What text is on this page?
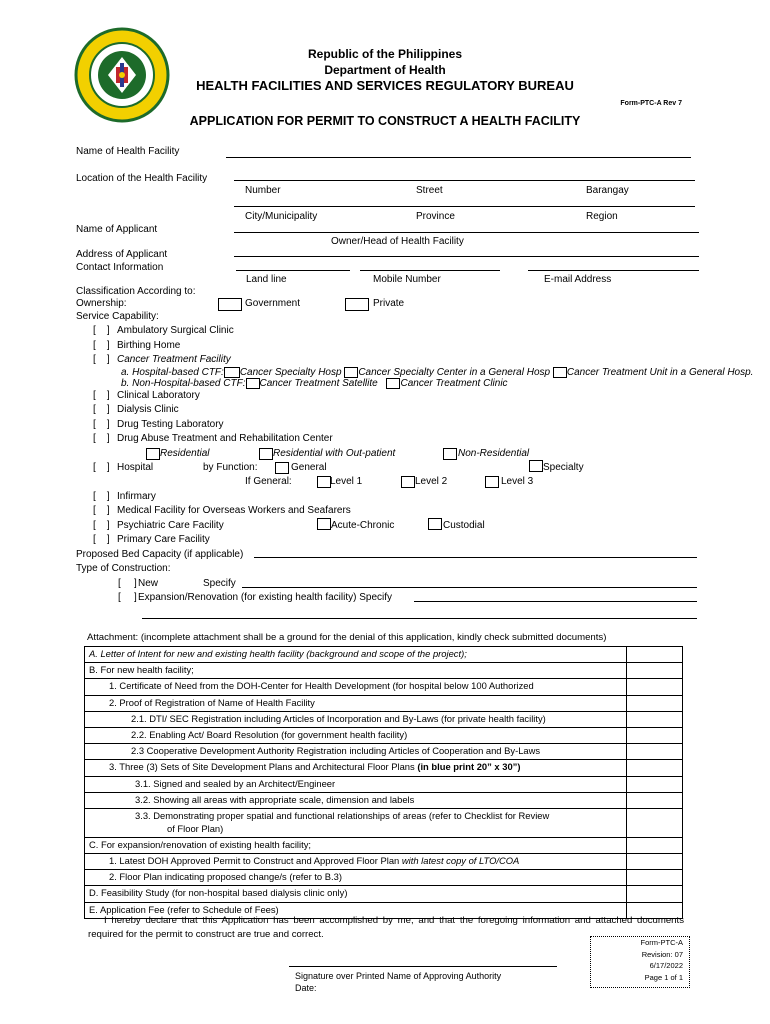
Republic of the Philippines
Department of Health
HEALTH FACILITIES AND SERVICES REGULATORY BUREAU
Form-PTC-A Rev 7
APPLICATION FOR PERMIT TO CONSTRUCT A HEALTH FACILITY
Name of Health Facility
Location of the Health Facility
Number	Street	Barangay
City/Municipality	Province	Region
Name of Applicant
Owner/Head of Health Facility
Address of Applicant
Contact Information
Land line	Mobile Number	E-mail Address
Classification According to:
Ownership:	Government	Private
Service Capability:
[    ] Ambulatory Surgical Clinic
[    ] Birthing Home
[    ] Cancer Treatment Facility
a. Hospital-based CTF: Cancer Specialty Hosp Cancer Specialty Center in a General Hosp Cancer Treatment Unit in a General Hosp.
b. Non-Hospital-based CTF: Cancer Treatment Satellite Cancer Treatment Clinic
[    ] Clinical Laboratory
[    ] Dialysis Clinic
[    ] Drug Testing Laboratory
[    ] Drug Abuse Treatment and Rehabilitation Center
Residential	Residential with Out-patient	Non-Residential
[    ] Hospital	by Function:	General	Specialty
If General:	Level 1	Level 2	Level 3
[    ] Infirmary
[    ] Medical Facility for Overseas Workers and Seafarers
[    ] Psychiatric Care Facility	Acute-Chronic	Custodial
[    ] Primary Care Facility
Proposed Bed Capacity (if applicable)
Type of Construction:
[ ] New	Specify
[ ] Expansion/Renovation (for existing health facility) Specify
Attachment: (incomplete attachment shall be a ground for the denial of this application, kindly check submitted documents)
A. Letter of Intent for new and existing health facility (background and scope of the project);	
B. For new health facility;	
1. Certificate of Need from the DOH-Center for Health Development (for hospital below 100 Authorized	
2. Proof of Registration of Name of Health Facility	
2.1. DTI/ SEC Registration including Articles of Incorporation and By-Laws (for private health facility)	
2.2. Enabling Act/ Board Resolution (for government health facility)	
2.3 Cooperative Development Authority Registration including Articles of Cooperation and By-Laws	
3. Three (3) Sets of Site Development Plans and Architectural Floor Plans (in blue print 20” x 30”)	
3.1. Signed and sealed by an Architect/Engineer	
3.2. Showing all areas with appropriate scale, dimension and labels	

3.3. Demonstrating proper spatial and functional relationships of areas (refer to Checklist for Review
of Floor Plan)	

C. For expansion/renovation of existing health facility;	
1. Latest DOH Approved Permit to Construct and Approved Floor Plan with latest copy of LTO/COA	
2. Floor Plan indicating proposed change/s (refer to B.3)	
D. Feasibility Study (for non-hospital based dialysis clinic only)	
E. Application Fee (refer to Schedule of Fees)	
I hereby declare that this Application has been accomplished by me, and that the foregoing information and attached documents required for the permit to construct are true and correct.
Signature over Printed Name of Approving Authority
Date:
Form-PTC-A
Revision: 07
6/17/2022
Page 1 of 1
